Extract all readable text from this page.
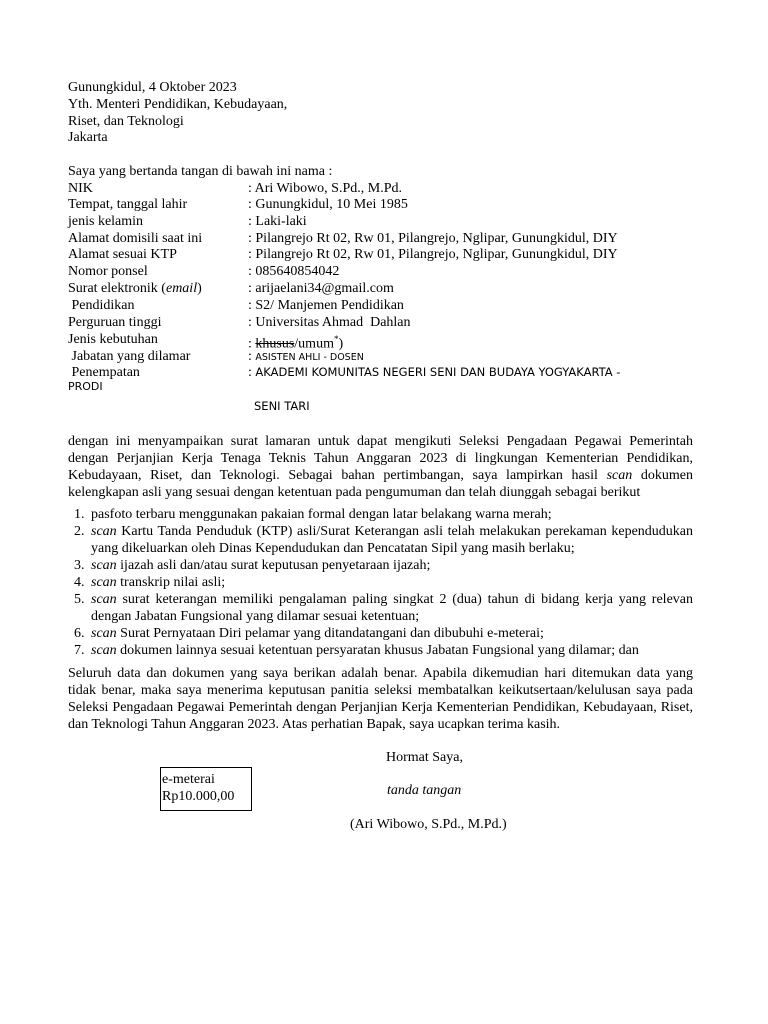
Gunungkidul, 4 Oktober 2023
Yth. Menteri Pendidikan, Kebudayaan,
Riset, dan Teknologi
Jakarta
Saya yang bertanda tangan di bawah ini nama :
NIK	: Ari Wibowo, S.Pd., M.Pd.
Tempat, tanggal lahir	: Gunungkidul, 10 Mei 1985
jenis kelamin	: Laki-laki
Alamat domisili saat ini	: Pilangrejo Rt 02, Rw 01, Pilangrejo, Nglipar, Gunungkidul, DIY
Alamat sesuai KTP	: Pilangrejo Rt 02, Rw 01, Pilangrejo, Nglipar, Gunungkidul, DIY
Nomor ponsel	: 085640854042
Surat elektronik (email)	: arijaelani34@gmail.com
Pendidikan	: S2/ Manjemen Pendidikan
Perguruan tinggi	: Universitas Ahmad  Dahlan
Jenis kebutuhan	: khusus/umum*)
Jabatan yang dilamar	: ASISTEN AHLI - DOSEN
Penempatan	: AKADEMI KOMUNITAS NEGERI SENI DAN BUDAYA YOGYAKARTA -
PRODI
SENI TARI
dengan ini menyampaikan surat lamaran untuk dapat mengikuti Seleksi Pengadaan Pegawai Pemerintah dengan Perjanjian Kerja Tenaga Teknis Tahun Anggaran 2023 di lingkungan Kementerian Pendidikan, Kebudayaan, Riset, dan Teknologi. Sebagai bahan pertimbangan, saya lampirkan hasil scan dokumen kelengkapan asli yang sesuai dengan ketentuan pada pengumuman dan telah diunggah sebagai berikut
1. pasfoto terbaru menggunakan pakaian formal dengan latar belakang warna merah;
2. scan Kartu Tanda Penduduk (KTP) asli/Surat Keterangan asli telah melakukan perekaman kependudukan yang dikeluarkan oleh Dinas Kependudukan dan Pencatatan Sipil yang masih berlaku;
3. scan ijazah asli dan/atau surat keputusan penyetaraan ijazah;
4. scan transkrip nilai asli;
5. scan surat keterangan memiliki pengalaman paling singkat 2 (dua) tahun di bidang kerja yang relevan dengan Jabatan Fungsional yang dilamar sesuai ketentuan;
6. scan Surat Pernyataan Diri pelamar yang ditandatangani dan dibubuhi e-meterai;
7. scan dokumen lainnya sesuai ketentuan persyaratan khusus Jabatan Fungsional yang dilamar; dan
Seluruh data dan dokumen yang saya berikan adalah benar. Apabila dikemudian hari ditemukan data yang tidak benar, maka saya menerima keputusan panitia seleksi membatalkan keikutsertaan/kelulusan saya pada Seleksi Pengadaan Pegawai Pemerintah dengan Perjanjian Kerja Kementerian Pendidikan, Kebudayaan, Riset, dan Teknologi Tahun Anggaran 2023. Atas perhatian Bapak, saya ucapkan terima kasih.
Hormat Saya,
e-meterai
Rp10.000,00	tanda tangan
(Ari Wibowo, S.Pd., M.Pd.)
